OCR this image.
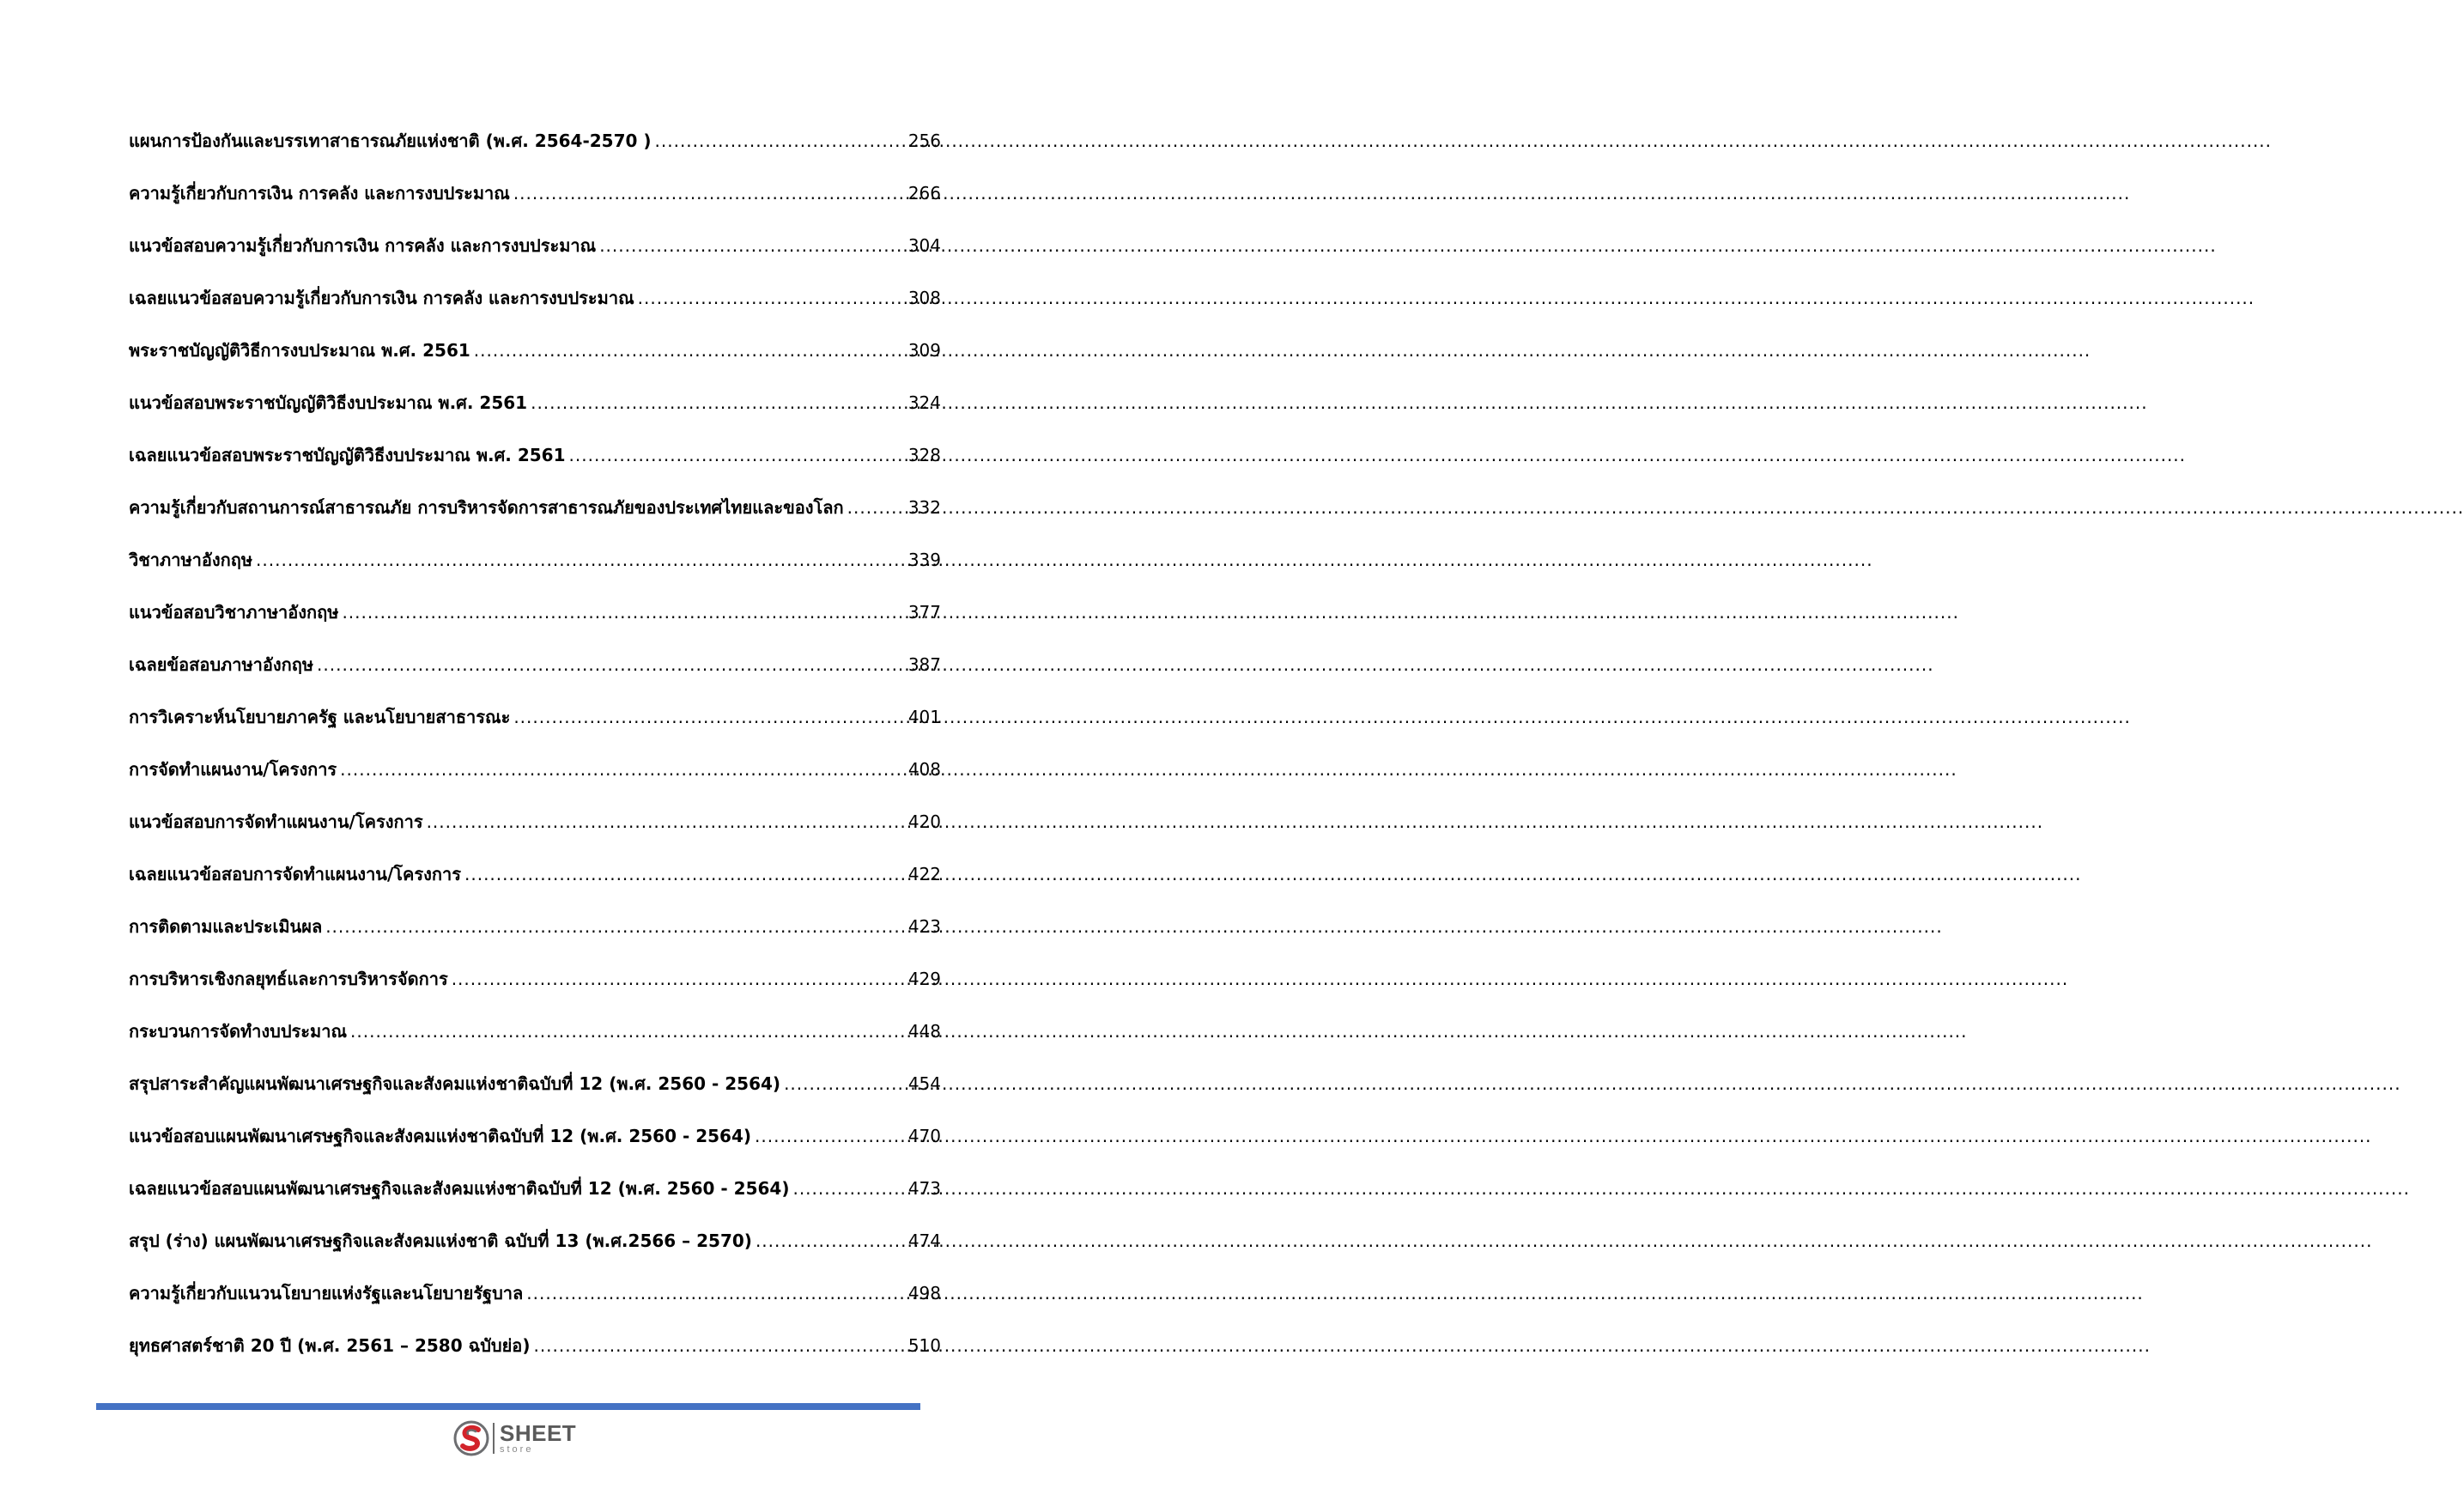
แผนการป้องกันและบรรเทาสาธารณภัยแห่งชาติ (พ.ศ. 2564-2570 ) .....	256
ความรู้เกี่ยวกับการเงิน การคลัง และการงบประมาณ .....	266
แนวข้อสอบความรู้เกี่ยวกับการเงิน การคลัง และการงบประมาณ .....	304
เฉลยแนวข้อสอบความรู้เกี่ยวกับการเงิน การคลัง และการงบประมาณ .....	308
พระราชบัญญัติวิธีการงบประมาณ พ.ศ. 2561 .....	309
แนวข้อสอบพระราชบัญญัติวิธีงบประมาณ พ.ศ. 2561 .....	324
เฉลยแนวข้อสอบพระราชบัญญัติวิธีงบประมาณ พ.ศ. 2561 .....	328
ความรู้เกี่ยวกับสถานการณ์สาธารณภัย การบริหารจัดการสาธารณภัยของประเทศไทยและของโลก .....	332
วิชาภาษาอังกฤษ .....	339
แนวข้อสอบวิชาภาษาอังกฤษ .....	377
เฉลยข้อสอบภาษาอังกฤษ .....	387
การวิเคราะห์นโยบายภาครัฐ และนโยบายสาธารณะ .....	401
การจัดทำแผนงาน/โครงการ .....	408
แนวข้อสอบการจัดทำแผนงาน/โครงการ .....	420
เฉลยแนวข้อสอบการจัดทำแผนงาน/โครงการ .....	422
การติดตามและประเมินผล .....	423
การบริหารเชิงกลยุทธ์และการบริหารจัดการ .....	429
กระบวนการจัดทำงบประมาณ .....	448
สรุปสาระสำคัญแผนพัฒนาเศรษฐกิจและสังคมแห่งชาติฉบับที่ 12 (พ.ศ. 2560 - 2564) .....	454
แนวข้อสอบแผนพัฒนาเศรษฐกิจและสังคมแห่งชาติฉบับที่ 12 (พ.ศ. 2560 - 2564) .....	470
เฉลยแนวข้อสอบแผนพัฒนาเศรษฐกิจและสังคมแห่งชาติฉบับที่ 12 (พ.ศ. 2560 - 2564) .....	473
สรุป (ร่าง) แผนพัฒนาเศรษฐกิจและสังคมแห่งชาติ ฉบับที่ 13 (พ.ศ.2566 – 2570) .....	474
ความรู้เกี่ยวกับแนวนโยบายแห่งรัฐและนโยบายรัฐบาล .....	498
ยุทธศาสตร์ชาติ 20 ปี (พ.ศ. 2561 – 2580 ฉบับย่อ) .....	510
SHEET
store
